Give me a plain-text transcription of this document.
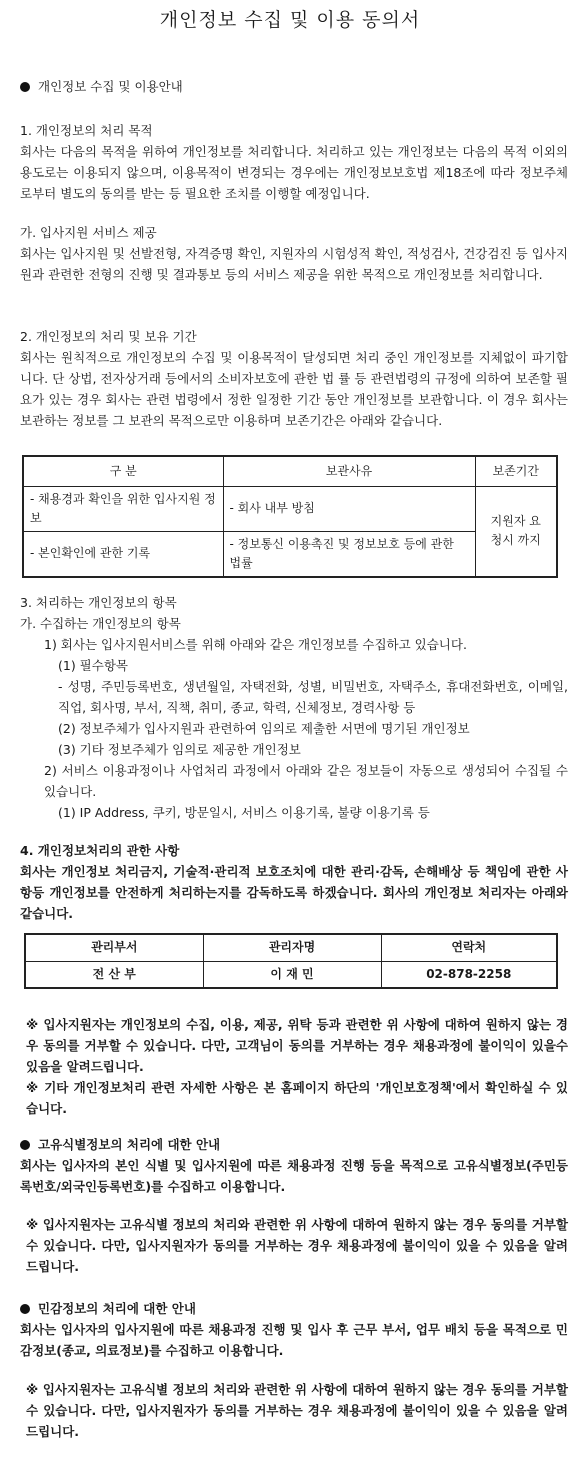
개인정보 수집 및 이용 동의서
개인정보 수집 및 이용안내
1. 개인정보의 처리 목적
회사는 다음의 목적을 위하여 개인정보를 처리합니다. 처리하고 있는 개인정보는 다음의 목적 이외의 용도로는 이용되지 않으며, 이용목적이 변경되는 경우에는 개인정보보호법 제18조에 따라 정보주체로부터 별도의 동의를 받는 등 필요한 조치를 이행할 예정입니다.
가. 입사지원 서비스 제공
회사는 입사지원 및 선발전형, 자격증명 확인, 지원자의 시험성적 확인, 적성검사, 건강검진 등 입사지원과 관련한 전형의 진행 및 결과통보 등의 서비스 제공을 위한 목적으로 개인정보를 처리합니다.
2. 개인정보의 처리 및 보유 기간
회사는 원칙적으로 개인정보의 수집 및 이용목적이 달성되면 처리 중인 개인정보를 지체없이 파기합니다. 단 상법, 전자상거래 등에서의 소비자보호에 관한 법 률 등 관련법령의 규정에 의하여 보존할 필요가 있는 경우 회사는 관련 법령에서 정한 일정한 기간 동안 개인정보를 보관합니다. 이 경우 회사는 보관하는 정보를 그 보관의 목적으로만 이용하며 보존기간은 아래와 같습니다.
구 분	보관사유	보존기간
- 채용경과 확인을 위한 입사지원 정보	- 회사 내부 방침	지원자 요청시 까지
- 본인확인에 관한 기록	- 정보통신 이용촉진 및 정보보호 등에 관한 법률	
3. 처리하는 개인정보의 항목
가. 수집하는 개인정보의 항목
1) 회사는 입사지원서비스를 위해 아래와 같은 개인정보를 수집하고 있습니다.
(1) 필수항목
- 성명, 주민등록번호, 생년월일, 자택전화, 성별, 비밀번호, 자택주소, 휴대전화번호, 이메일, 직업, 회사명, 부서, 직책, 취미, 종교, 학력, 신체정보, 경력사항 등
(2) 정보주체가 입사지원과 관련하여 임의로 제출한 서면에 명기된 개인정보
(3) 기타 정보주체가 임의로 제공한 개인정보
2) 서비스 이용과정이나 사업처리 과정에서 아래와 같은 정보들이 자동으로 생성되어 수집될 수 있습니다.
(1) IP Address, 쿠키, 방문일시, 서비스 이용기록, 불량 이용기록 등
4. 개인정보처리의 관한 사항
회사는 개인정보 처리금지, 기술적·관리적 보호조치에 대한 관리·감독, 손해배상 등 책임에 관한 사항등 개인정보를 안전하게 처리하는지를 감독하도록 하겠습니다. 회사의 개인정보 처리자는 아래와 같습니다.
관리부서	관리자명	연락처
전 산 부	이 재 민	02-878-2258
※ 입사지원자는 개인정보의 수집, 이용, 제공, 위탁 등과 관련한 위 사항에 대하여 원하지 않는 경우 동의를 거부할 수 있습니다. 다만, 고객님이 동의를 거부하는 경우 채용과정에 불이익이 있을수 있음을 알려드립니다.
※ 기타 개인정보처리 관련 자세한 사항은 본 홈페이지 하단의 '개인보호정책'에서 확인하실 수 있습니다.
고유식별정보의 처리에 대한 안내
회사는 입사자의 본인 식별 및 입사지원에 따른 채용과정 진행 등을 목적으로 고유식별정보(주민등록번호/외국인등록번호)를 수집하고 이용합니다.
※ 입사지원자는 고유식별 정보의 처리와 관련한 위 사항에 대하여 원하지 않는 경우 동의를 거부할 수 있습니다. 다만, 입사지원자가 동의를 거부하는 경우 채용과정에 불이익이 있을 수 있음을 알려드립니다.
민감정보의 처리에 대한 안내
회사는 입사자의 입사지원에 따른 채용과정 진행 및 입사 후 근무 부서, 업무 배치 등을 목적으로 민감정보(종교, 의료정보)를 수집하고 이용합니다.
※ 입사지원자는 고유식별 정보의 처리와 관련한 위 사항에 대하여 원하지 않는 경우 동의를 거부할 수 있습니다. 다만, 입사지원자가 동의를 거부하는 경우 채용과정에 불이익이 있을 수 있음을 알려드립니다.
